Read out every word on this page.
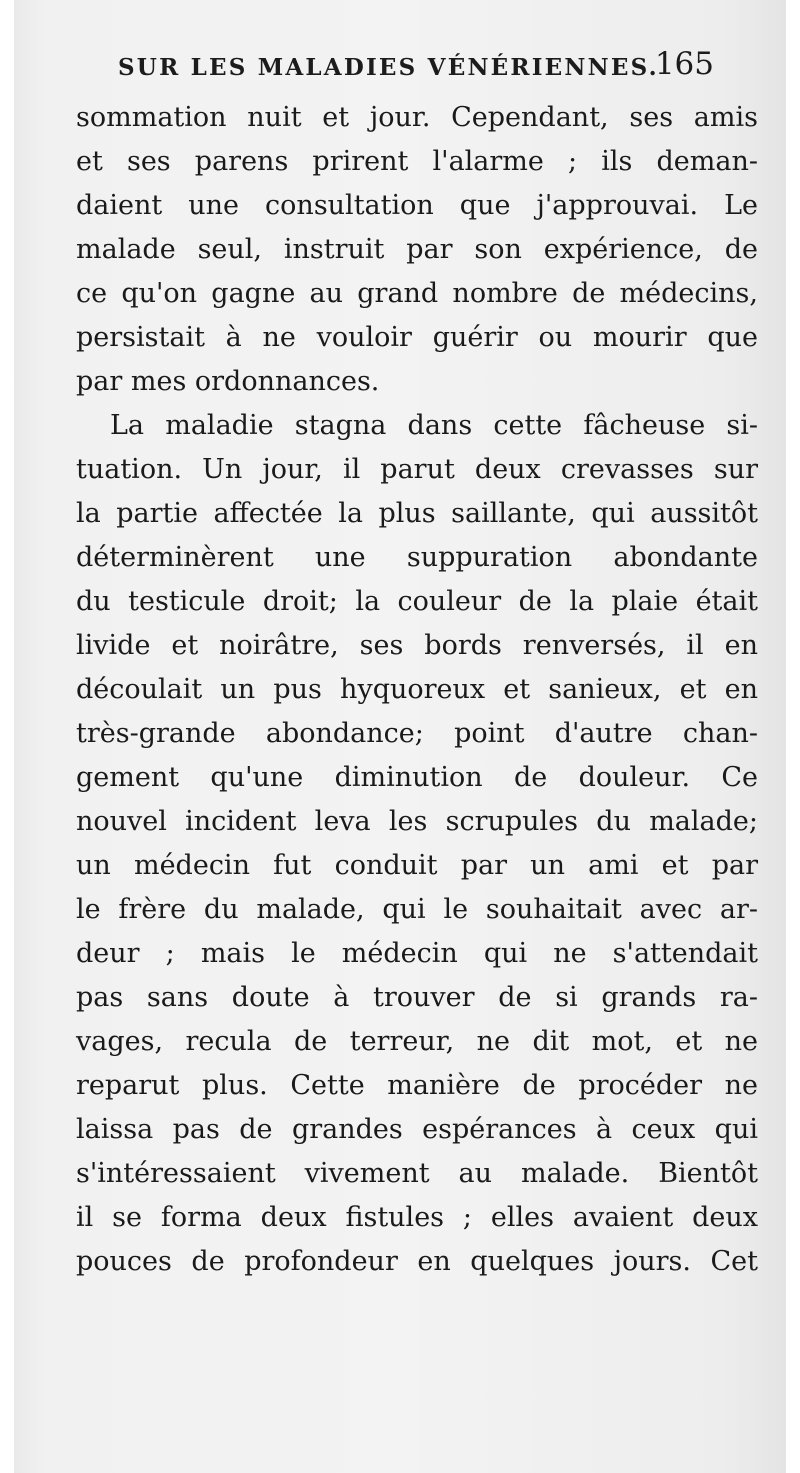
SUR LES MALADIES VÉNÉRIENNES.
165
sommation nuit et jour. Cependant, ses amis
et ses parens prirent l'alarme ; ils deman-
daient une consultation que j'approuvai. Le
malade seul, instruit par son expérience, de
ce qu'on gagne au grand nombre de médecins,
persistait à ne vouloir guérir ou mourir que
par mes ordonnances.
La maladie stagna dans cette fâcheuse si-
tuation. Un jour, il parut deux crevasses sur
la partie affectée la plus saillante, qui aussitôt
déterminèrent une suppuration abondante
du testicule droit; la couleur de la plaie était
livide et noirâtre, ses bords renversés, il en
découlait un pus hyquoreux et sanieux, et en
très-grande abondance; point d'autre chan-
gement qu'une diminution de douleur. Ce
nouvel incident leva les scrupules du malade;
un médecin fut conduit par un ami et par
le frère du malade, qui le souhaitait avec ar-
deur ; mais le médecin qui ne s'attendait
pas sans doute à trouver de si grands ra-
vages, recula de terreur, ne dit mot, et ne
reparut plus. Cette manière de procéder ne
laissa pas de grandes espérances à ceux qui
s'intéressaient vivement au malade. Bientôt
il se forma deux fistules ; elles avaient deux
pouces de profondeur en quelques jours. Cet
